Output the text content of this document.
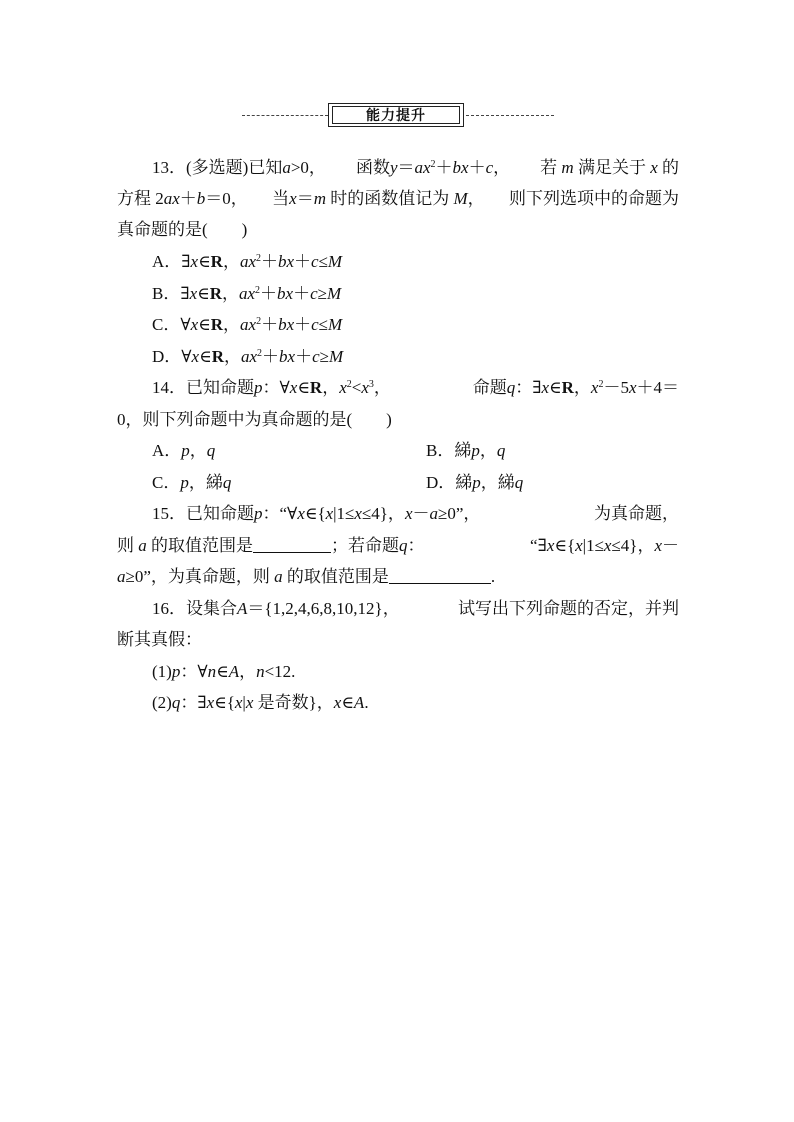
能力提升
13．(多选题)已知a>0， 函数$y=ax^2+bx+c$， 若 m 满足关于 x 的
方程 2ax＋b＝0， 当x＝m 时的函数值记为 M， 则下列选项中的命题为
真命题的是(　　)
A．∃x∈R，$ax^2+bx+c\le M$
B．∃x∈R，$ax^2+bx+c\ge M$
C．∀x∈R，$ax^2+bx+c\le M$
D．∀x∈R，$ax^2+bx+c\ge M$
14．已知命题p：∀x∈R，$x^2<x^3$，	命题q：∃x∈R，$x^2-5x+4=$
0，则下列命题中为真命题的是(　　)
A．p，q	B．綈p，q
C．p，綈q	D．綈p，綈q
15．已知命题p：“∀x∈{x|1≤x≤4}，x－a≥0”，	为真命题，
则 a 的取值范围是	；若命题q：	“∃x∈{x|1≤x≤4}，x－
a≥0”，为真命题，则 a 的取值范围是	.
16．设集合A＝{1,2,4,6,8,10,12}，	试写出下列命题的否定，并判
断其真假：
(1)p：∀n∈A，n<12.
(2)q：∃x∈{x|x 是奇数}，x∈A.
